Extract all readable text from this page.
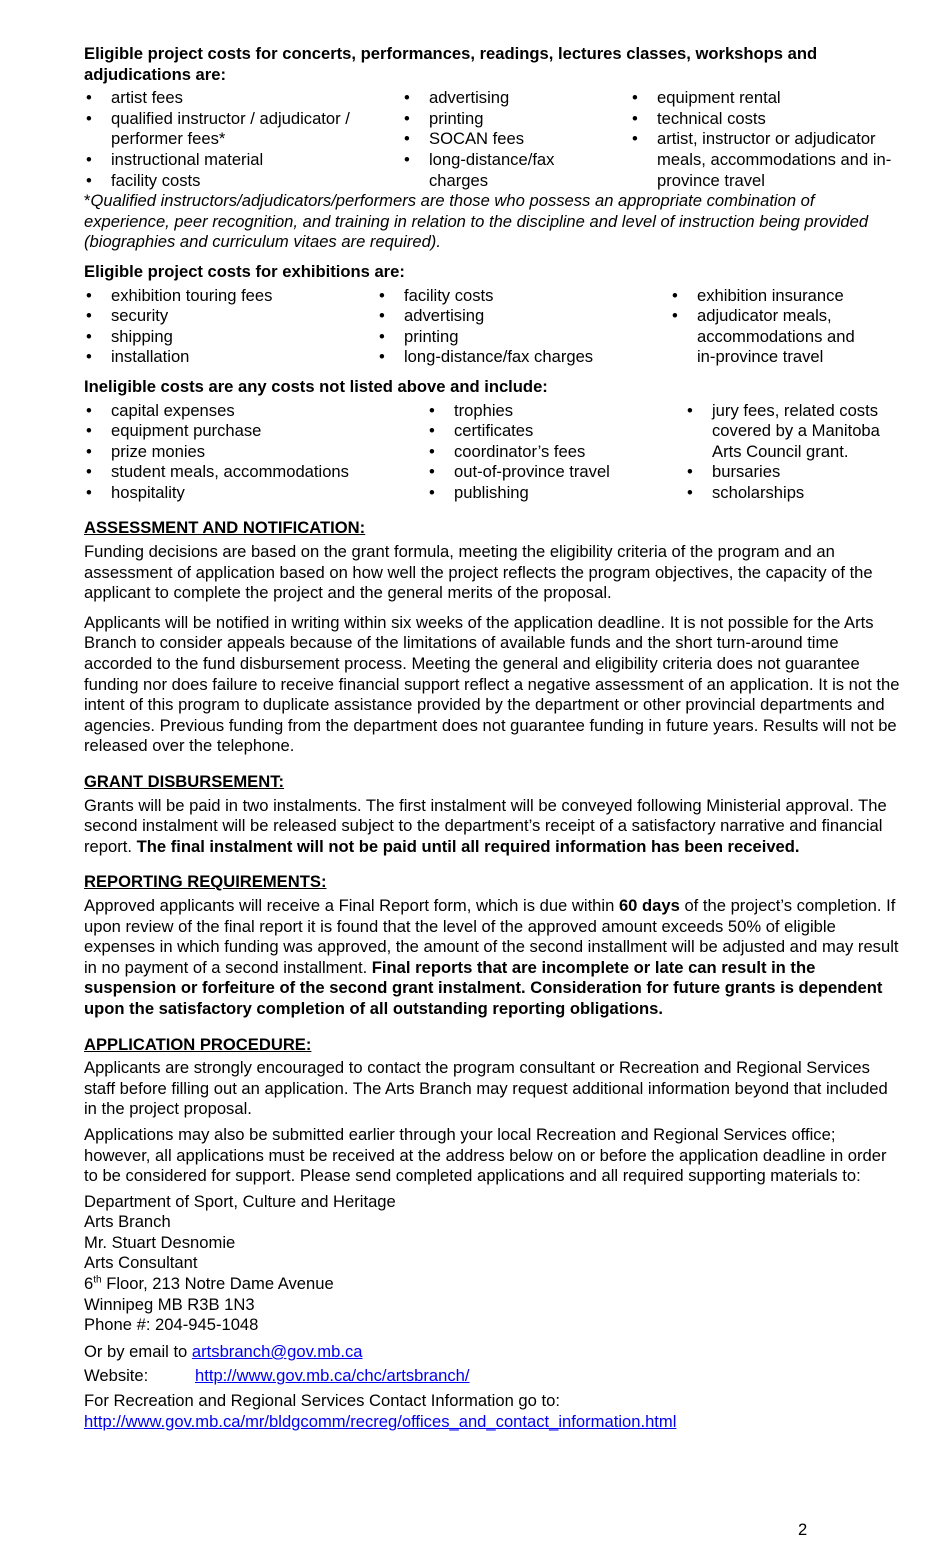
Eligible project costs for concerts, performances, readings, lectures classes, workshops and adjudications are:

• artist fees
• qualified instructor / adjudicator / performer fees*
• instructional material
• facility costs
• advertising
• printing
• SOCAN fees
• long-distance/fax charges
• equipment rental
• technical costs
• artist, instructor or adjudicator meals, accommodations and in-province travel

*Qualified instructors/adjudicators/performers are those who possess an appropriate combination of experience, peer recognition, and training in relation to the discipline and level of instruction being provided (biographies and curriculum vitaes are required).

Eligible project costs for exhibitions are:

• exhibition touring fees
• security
• shipping
• installation
• facility costs
• advertising
• printing
• long-distance/fax charges
• exhibition insurance
• adjudicator meals, accommodations and in-province travel

Ineligible costs are any costs not listed above and include:

• capital expenses
• equipment purchase
• prize monies
• student meals, accommodations
• hospitality
• trophies
• certificates
• coordinator’s fees
• out-of-province travel
• publishing
• jury fees, related costs covered by a Manitoba Arts Council grant.
• bursaries
• scholarships

ASSESSMENT AND NOTIFICATION:

Funding decisions are based on the grant formula, meeting the eligibility criteria of the program and an assessment of application based on how well the project reflects the program objectives, the capacity of the applicant to complete the project and the general merits of the proposal.

Applicants will be notified in writing within six weeks of the application deadline. It is not possible for the Arts Branch to consider appeals because of the limitations of available funds and the short turn-around time accorded to the fund disbursement process. Meeting the general and eligibility criteria does not guarantee funding nor does failure to receive financial support reflect a negative assessment of an application. It is not the intent of this program to duplicate assistance provided by the department or other provincial departments and agencies. Previous funding from the department does not guarantee funding in future years. Results will not be released over the telephone.

GRANT DISBURSEMENT:

Grants will be paid in two instalments. The first instalment will be conveyed following Ministerial approval. The second instalment will be released subject to the department’s receipt of a satisfactory narrative and financial report. The final instalment will not be paid until all required information has been received.

REPORTING REQUIREMENTS:

Approved applicants will receive a Final Report form, which is due within 60 days of the project’s completion. If upon review of the final report it is found that the level of the approved amount exceeds 50% of eligible expenses in which funding was approved, the amount of the second installment will be adjusted and may result in no payment of a second installment. Final reports that are incomplete or late can result in the suspension or forfeiture of the second grant instalment. Consideration for future grants is dependent upon the satisfactory completion of all outstanding reporting obligations.

APPLICATION PROCEDURE:

Applicants are strongly encouraged to contact the program consultant or Recreation and Regional Services staff before filling out an application. The Arts Branch may request additional information beyond that included in the project proposal.

Applications may also be submitted earlier through your local Recreation and Regional Services office; however, all applications must be received at the address below on or before the application deadline in order to be considered for support. Please send completed applications and all required supporting materials to:

Department of Sport, Culture and Heritage

Arts Branch

Mr. Stuart Desnomie

Arts Consultant

6th Floor, 213 Notre Dame Avenue

Winnipeg MB R3B 1N3

Phone #: 204-945-1048

Or by email to artsbranch@gov.mb.ca

Website:	http://www.gov.mb.ca/chc/artsbranch/

For Recreation and Regional Services Contact Information go to:

http://www.gov.mb.ca/mr/bldgcomm/recreg/offices_and_contact_information.html

2
